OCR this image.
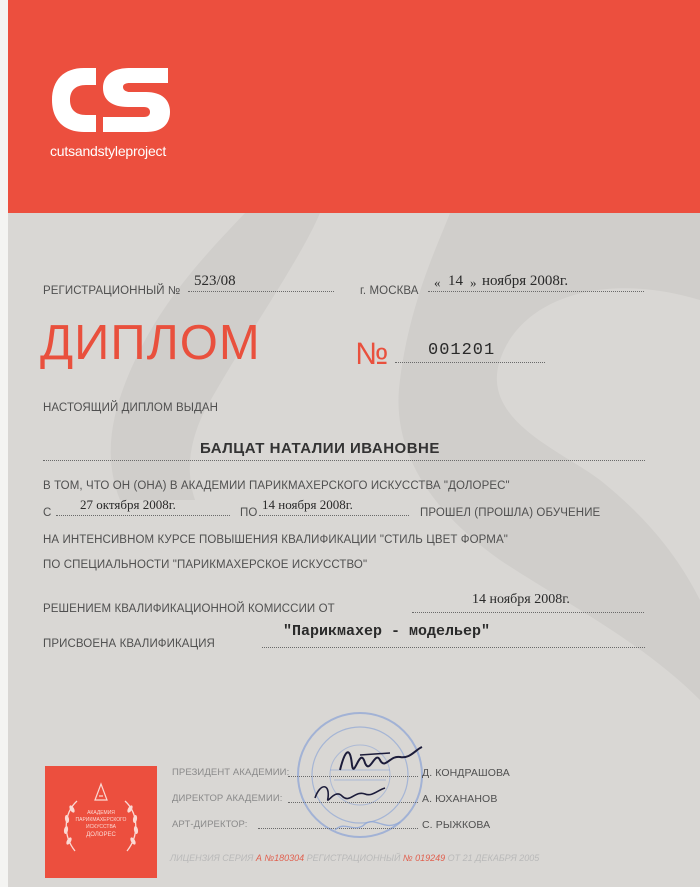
cutsandstyleproject
РЕГИСТРАЦИОННЫЙ №
523/08
г. МОСКВА
« 14 » ноября 2008г.
ДИПЛОМ	№ 001201
НАСТОЯЩИЙ ДИПЛОМ ВЫДАН
БАЛЦАТ НАТАЛИИ ИВАНОВНЕ
В ТОМ, ЧТО ОН (ОНА) В АКАДЕМИИ ПАРИКМАХЕРСКОГО ИСКУССТВА "ДОЛОРЕС"
С
27 октября 2008г.
ПО
14 ноября 2008г.
ПРОШЕЛ (ПРОШЛА) ОБУЧЕНИЕ
НА ИНТЕНСИВНОМ КУРСЕ ПОВЫШЕНИЯ КВАЛИФИКАЦИИ "СТИЛЬ ЦВЕТ ФОРМА"
ПО СПЕЦИАЛЬНОСТИ "ПАРИКМАХЕРСКОЕ ИСКУССТВО"
РЕШЕНИЕМ КВАЛИФИКАЦИОННОЙ КОМИССИИ ОТ
14 ноября 2008г.
ПРИСВОЕНА КВАЛИФИКАЦИЯ
"Парикмахер - модельер"
АКАДЕМИЯ
ПАРИКМАХЕРСКОГО
ИСКУССТВА
ДОЛОРЕС
ПРЕЗИДЕНТ АКАДЕМИИ:	Д. КОНДРАШОВА
ДИРЕКТОР АКАДЕМИИ:	А. ЮХАНАНОВ
АРТ-ДИРЕКТОР:	С. РЫЖКОВА
ЛИЦЕНЗИЯ СЕРИЯ А №180304 РЕГИСТРАЦИОННЫЙ № 019249 ОТ 21 ДЕКАБРЯ 2005
